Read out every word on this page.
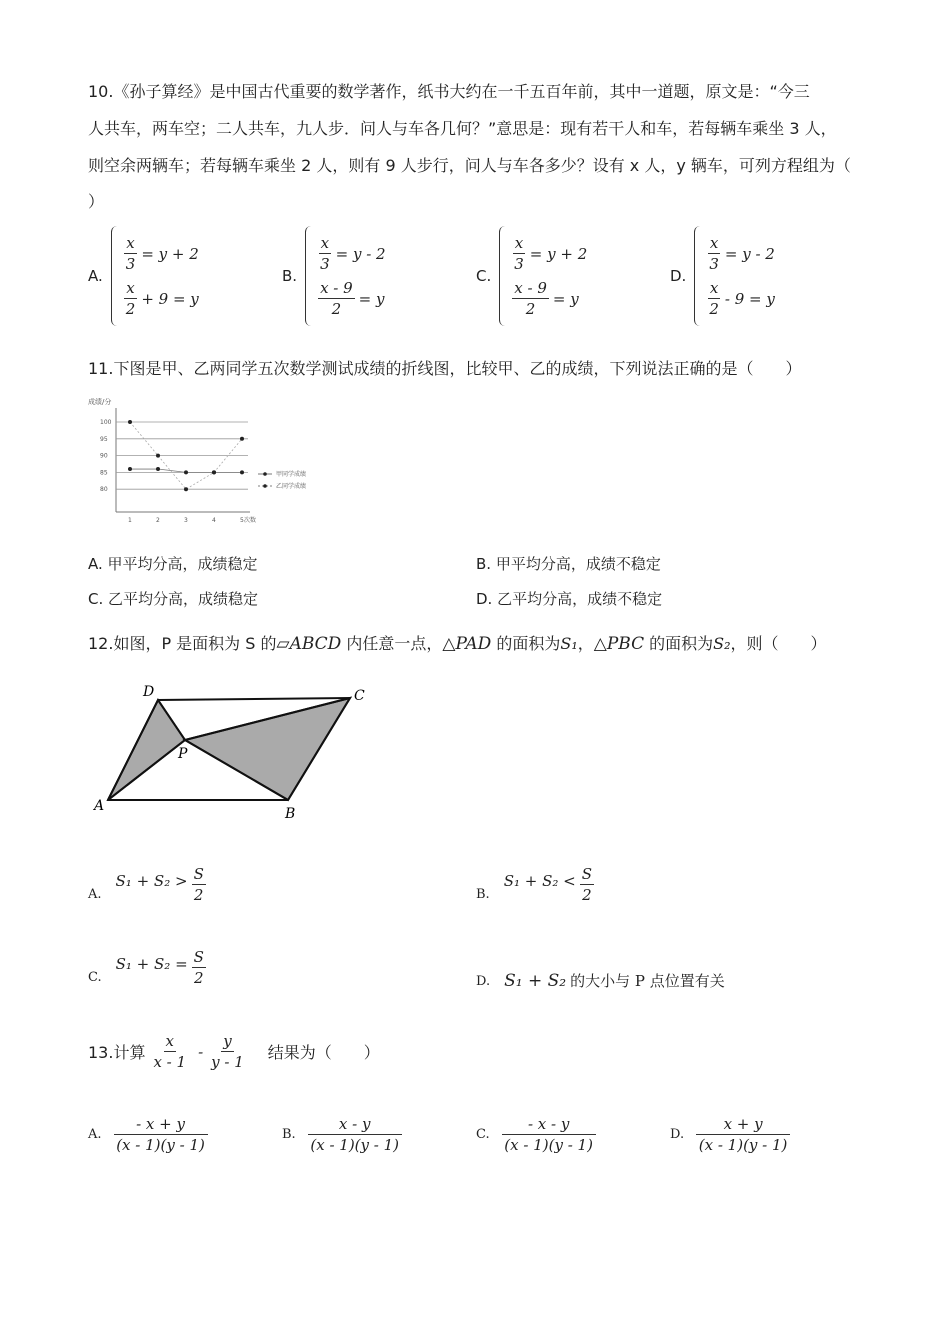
10.《孙子算经》是中国古代重要的数学著作，纸书大约在一千五百年前，其中一道题，原文是：“今三
人共车，两车空；二人共车，九人步．问人与车各几何？”意思是：现有若干人和车，若每辆车乘坐 3 人，
则空余两辆车；若每辆车乘坐 2 人，则有 9 人步行，问人与车各多少？设有 x 人，y 辆车，可列方程组为（
）
A.
$\frac{x}{3} = y + 2$
$\frac{x}{2} + 9 = y$
B.
$\frac{x}{3} = y - 2$
$\frac{x - 9}{2} = y$
C.
$\frac{x}{3} = y + 2$
$\frac{x - 9}{2} = y$
D.
$\frac{x}{3} = y - 2$
$\frac{x}{2} - 9 = y$
11.下图是甲、乙两同学五次数学测试成绩的折线图，比较甲、乙的成绩，下列说法正确的是（　　）
成绩/分
100
95
90
85
80
1	2	3	4	5 次数
甲同学成绩
乙同学成绩
A. 甲平均分高，成绩稳定	B. 甲平均分高，成绩不稳定
C. 乙平均分高，成绩稳定	D. 乙平均分高，成绩不稳定
12.如图，P 是面积为 S 的▱ABCD 内任意一点，△PAD 的面积为S₁，△PBC 的面积为S₂，则（　　）
D	C
P
A	B
A.
$S_1 + S_2 > \frac{S}{2}$	B.
$S_1 + S_2 < \frac{S}{2}$
C.
$S_1 + S_2 = \frac{S}{2}$	D. S₁ + S₂ 的大小与 P 点位置有关
13.计算 $\frac{x}{x - 1} - \frac{y}{y - 1}$ 结果为（　　）
A. $\frac{- x + y}{(x - 1)(y - 1)}$	B. $\frac{x - y}{(x - 1)(y - 1)}$	C. $\frac{- x - y}{(x - 1)(y - 1)}$	D. $\frac{x + y}{(x - 1)(y - 1)}$
